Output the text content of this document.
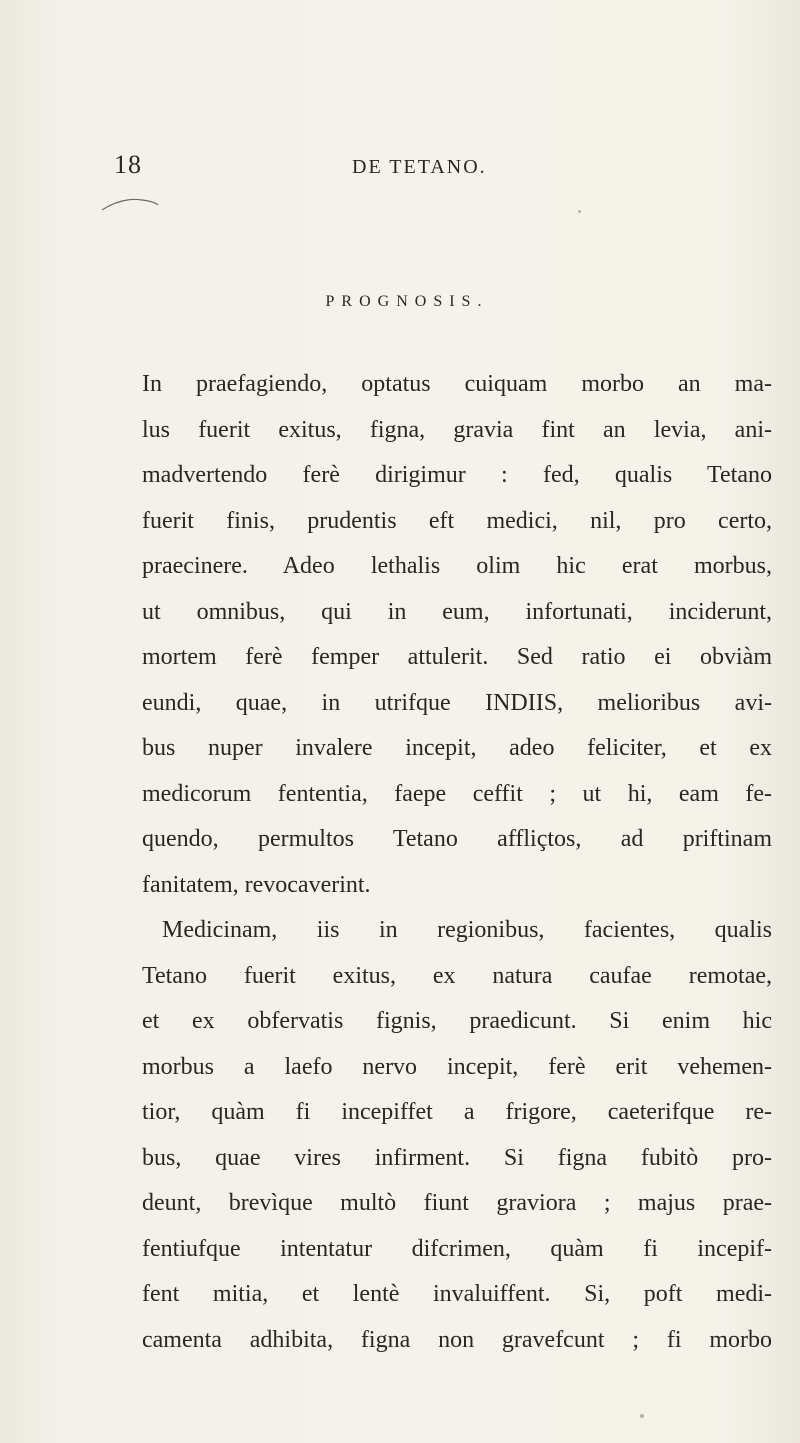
18	DE TETANO.
PROGNOSIS.
In praefagiendo, optatus cuiquam morbo an ma-
lus fuerit exitus, figna, gravia fint an levia, ani-
madvertendo ferè dirigimur : fed, qualis Tetano
fuerit finis, prudentis eft medici, nil, pro certo,
praecinere. Adeo lethalis olim hic erat morbus,
ut omnibus, qui in eum, infortunati, inciderunt,
mortem ferè femper attulerit. Sed ratio ei obviàm
eundi, quae, in utrifque INDIIS, melioribus avi-
bus nuper invalere incepit, adeo feliciter, et ex
medicorum fententia, faepe ceffit ; ut hi, eam fe-
quendo, permultos Tetano affliçtos, ad priftinam
fanitatem, revocaverint.
Medicinam, iis in regionibus, facientes, qualis
Tetano fuerit exitus, ex natura caufae remotae,
et ex obfervatis fignis, praedicunt. Si enim hic
morbus a laefo nervo incepit, ferè erit vehemen-
tior, quàm fi incepiffet a frigore, caeterifque re-
bus, quae vires infirment. Si figna fubitò pro-
deunt, brevìque multò fiunt graviora ; majus prae-
fentiufque intentatur difcrimen, quàm fi incepif-
fent mitia, et lentè invaluiffent. Si, poft medi-
camenta adhibita, figna non gravefcunt ; fi morbo
